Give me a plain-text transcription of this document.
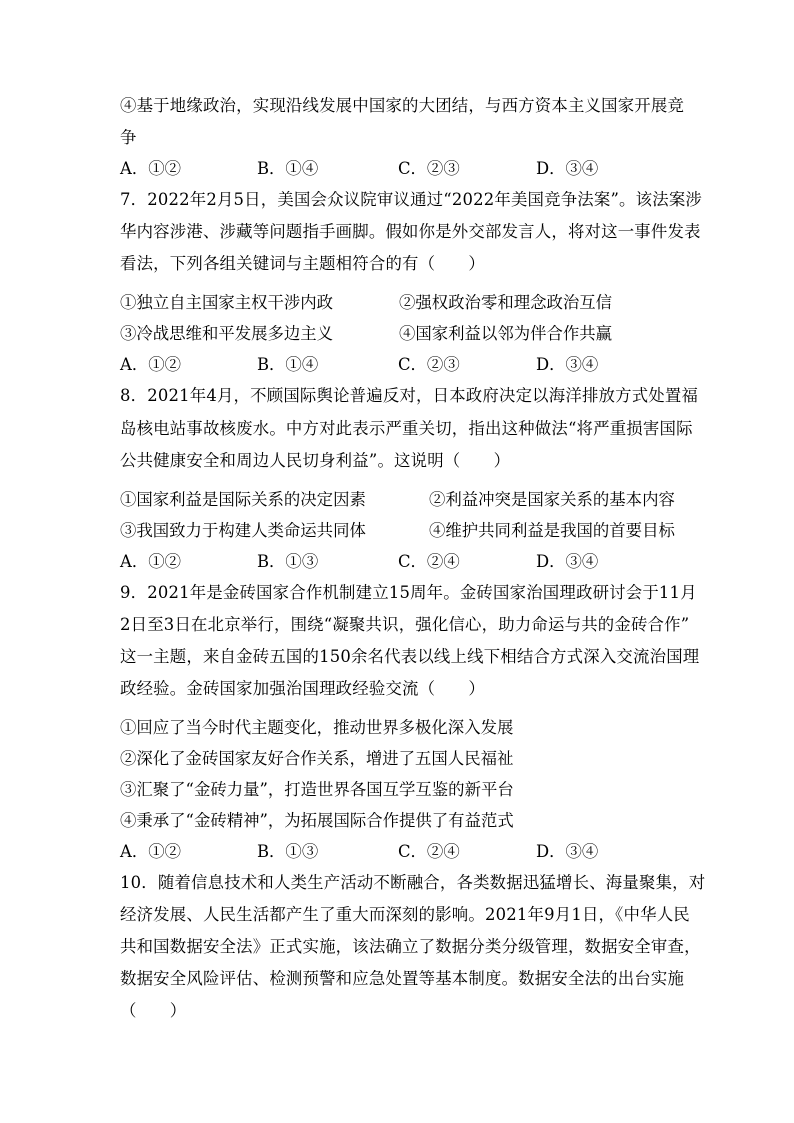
④基于地缘政治，实现沿线发展中国家的大团结，与西方资本主义国家开展竞
争
A．①②	B．①④	C．②③	D．③④
7．2022年2月5日，美国会众议院审议通过“2022年美国竞争法案”。该法案涉
华内容涉港、涉藏等问题指手画脚。假如你是外交部发言人，将对这一事件发表
看法，下列各组关键词与主题相符合的有（　　）
①独立自主国家主权干涉内政	②强权政治零和理念政治互信
③冷战思维和平发展多边主义	④国家利益以邻为伴合作共赢
A．①②	B．①④	C．②③	D．③④
8．2021年4月，不顾国际舆论普遍反对，日本政府决定以海洋排放方式处置福
岛核电站事故核废水。中方对此表示严重关切，指出这种做法“将严重损害国际
公共健康安全和周边人民切身利益”。这说明（　　）
①国家利益是国际关系的决定因素	②利益冲突是国家关系的基本内容
③我国致力于构建人类命运共同体	④维护共同利益是我国的首要目标
A．①②	B．①③	C．②④	D．③④
9．2021年是金砖国家合作机制建立15周年。金砖国家治国理政研讨会于11月
2日至3日在北京举行，围绕“凝聚共识，强化信心，助力命运与共的金砖合作”
这一主题，来自金砖五国的150余名代表以线上线下相结合方式深入交流治国理
政经验。金砖国家加强治国理政经验交流（　　）
①回应了当今时代主题变化，推动世界多极化深入发展
②深化了金砖国家友好合作关系，增进了五国人民福祉
③汇聚了“金砖力量”，打造世界各国互学互鉴的新平台
④秉承了“金砖精神”，为拓展国际合作提供了有益范式
A．①②	B．①③	C．②④	D．③④
10．随着信息技术和人类生产活动不断融合，各类数据迅猛增长、海量聚集，对
经济发展、人民生活都产生了重大而深刻的影响。2021年9月1日，《中华人民
共和国数据安全法》正式实施，该法确立了数据分类分级管理，数据安全审查，
数据安全风险评估、检测预警和应急处置等基本制度。数据安全法的出台实施
（　　）
